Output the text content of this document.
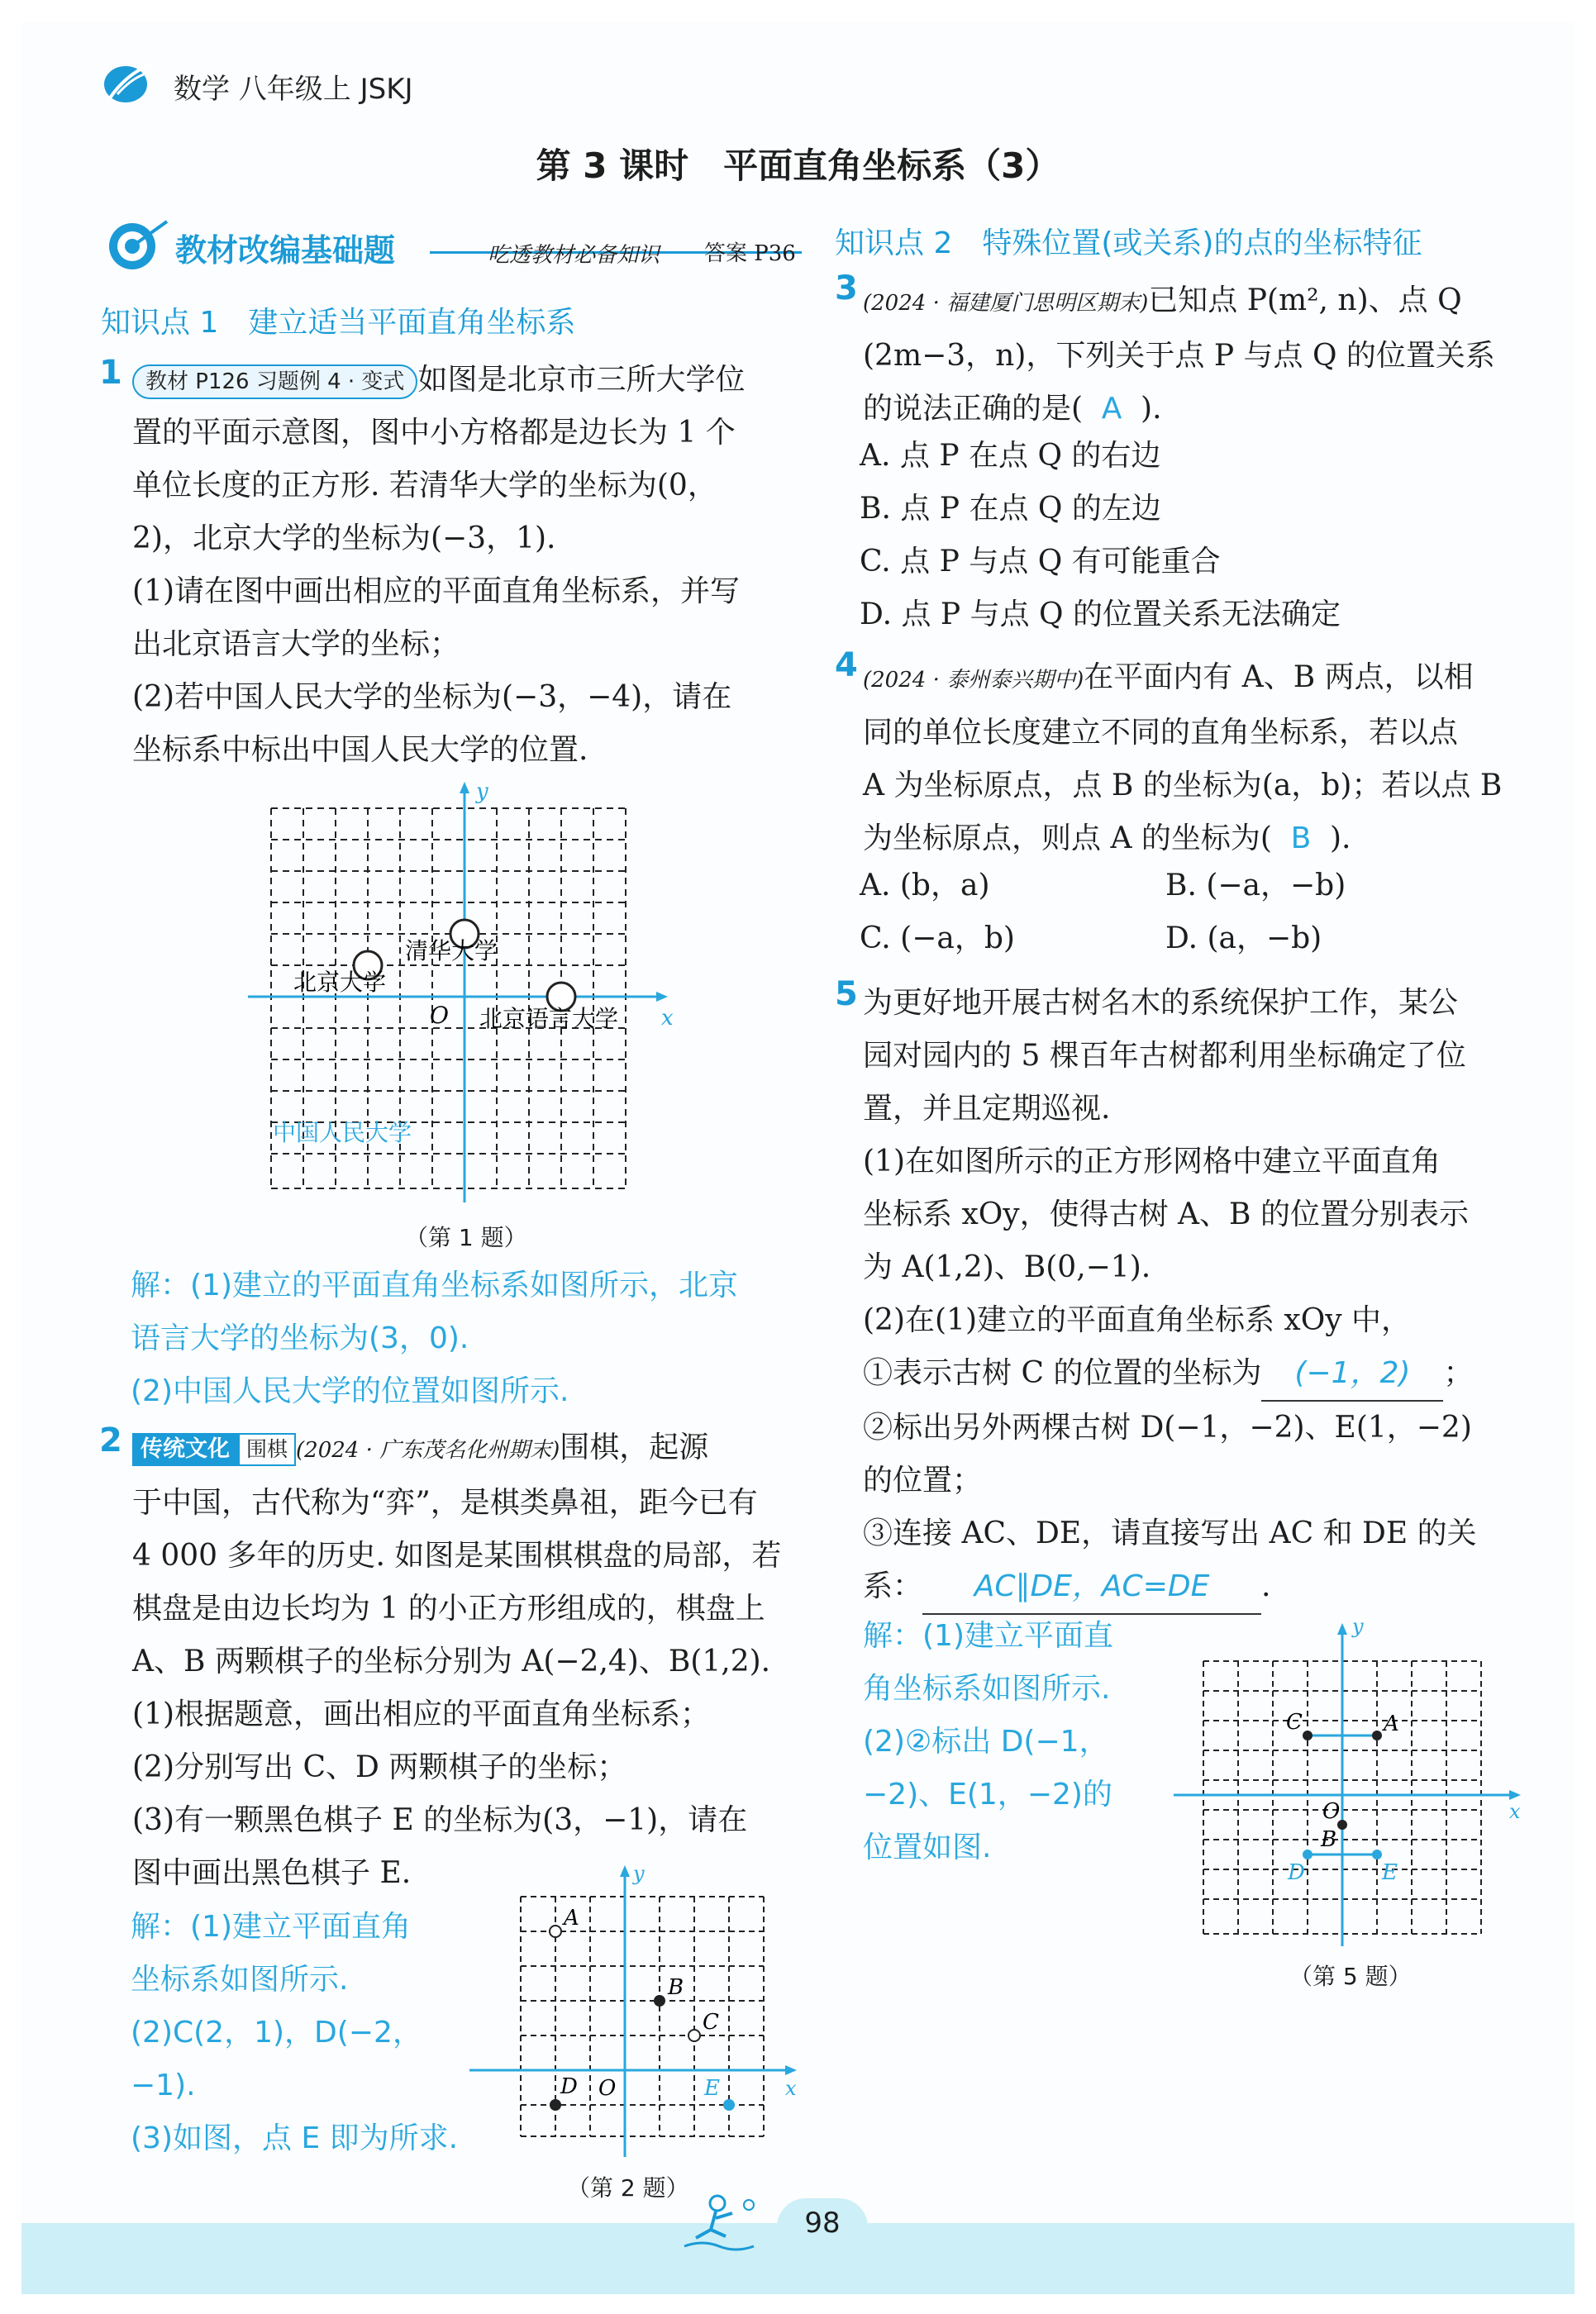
数学 八年级上 JSKJ
第 3 课时　平面直角坐标系（3）
教材改编基础题	吃透教材必备知识 答案 P36
知识点 1　建立适当平面直角坐标系
知识点 2　特殊位置(或关系)的点的坐标特征
1	教材 P126 习题例 4 · 变式 如图是北京市三所大学位
置的平面示意图，图中小方格都是边长为 1 个
单位长度的正方形. 若清华大学的坐标为(0，
2)，北京大学的坐标为(−3，1).
(1)请在图中画出相应的平面直角坐标系，并写
出北京语言大学的坐标；
(2)若中国人民大学的坐标为(−3，−4)，请在
坐标系中标出中国人民大学的位置.
清华大学
北京大学
北京语言大学
中国人民大学
O	x
y
（第 1 题）
解：(1)建立的平面直角坐标系如图所示，北京
语言大学的坐标为(3，0).
(2)中国人民大学的位置如图所示.
2 传统文化 围棋 (2024 · 广东茂名化州期末)围棋，起源
于中国，古代称为“弈”，是棋类鼻祖，距今已有
4 000 多年的历史. 如图是某围棋棋盘的局部，若
棋盘是由边长均为 1 的小正方形组成的，棋盘上
A、B 两颗棋子的坐标分别为 A(−2,4)、B(1,2).
(1)根据题意，画出相应的平面直角坐标系；
(2)分别写出 C、D 两颗棋子的坐标；
(3)有一颗黑色棋子 E 的坐标为(3，−1)，请在
图中画出黑色棋子 E.
解：(1)建立平面直角
坐标系如图所示.
(2)C(2，1)，D(−2，
−1).
(3)如图，点 E 即为所求.
A
B
C
D	E
O	x
y
（第 2 题）
3 (2024 · 福建厦门思明区期末)已知点 P(m², n)、点 Q
(2m−3，n)，下列关于点 P 与点 Q 的位置关系
的说法正确的是( A ).
A. 点 P 在点 Q 的右边
B. 点 P 在点 Q 的左边
C. 点 P 与点 Q 有可能重合
D. 点 P 与点 Q 的位置关系无法确定
4 (2024 · 泰州泰兴期中)在平面内有 A、B 两点，以相
同的单位长度建立不同的直角坐标系，若以点
A 为坐标原点，点 B 的坐标为(a，b)；若以点 B
为坐标原点，则点 A 的坐标为( B ).
A. (b，a)	B. (−a，−b)
C. (−a，b)	D. (a，−b)
5 为更好地开展古树名木的系统保护工作，某公
园对园内的 5 棵百年古树都利用坐标确定了位
置，并且定期巡视.
(1)在如图所示的正方形网格中建立平面直角
坐标系 xOy，使得古树 A、B 的位置分别表示
为 A(1,2)、B(0,−1).
(2)在(1)建立的平面直角坐标系 xOy 中，
①表示古树 C 的位置的坐标为 (−1，2) ；
②标出另外两棵古树 D(−1，−2)、E(1，−2)
的位置；
③连接 AC、DE，请直接写出 AC 和 DE 的关
系： AC∥DE，AC=DE .
解：(1)建立平面直
角坐标系如图所示.
(2)②标出 D(−1，
−2)、E(1，−2)的
位置如图.
C	A
B
D	E
O	x
y
（第 5 题）
98
